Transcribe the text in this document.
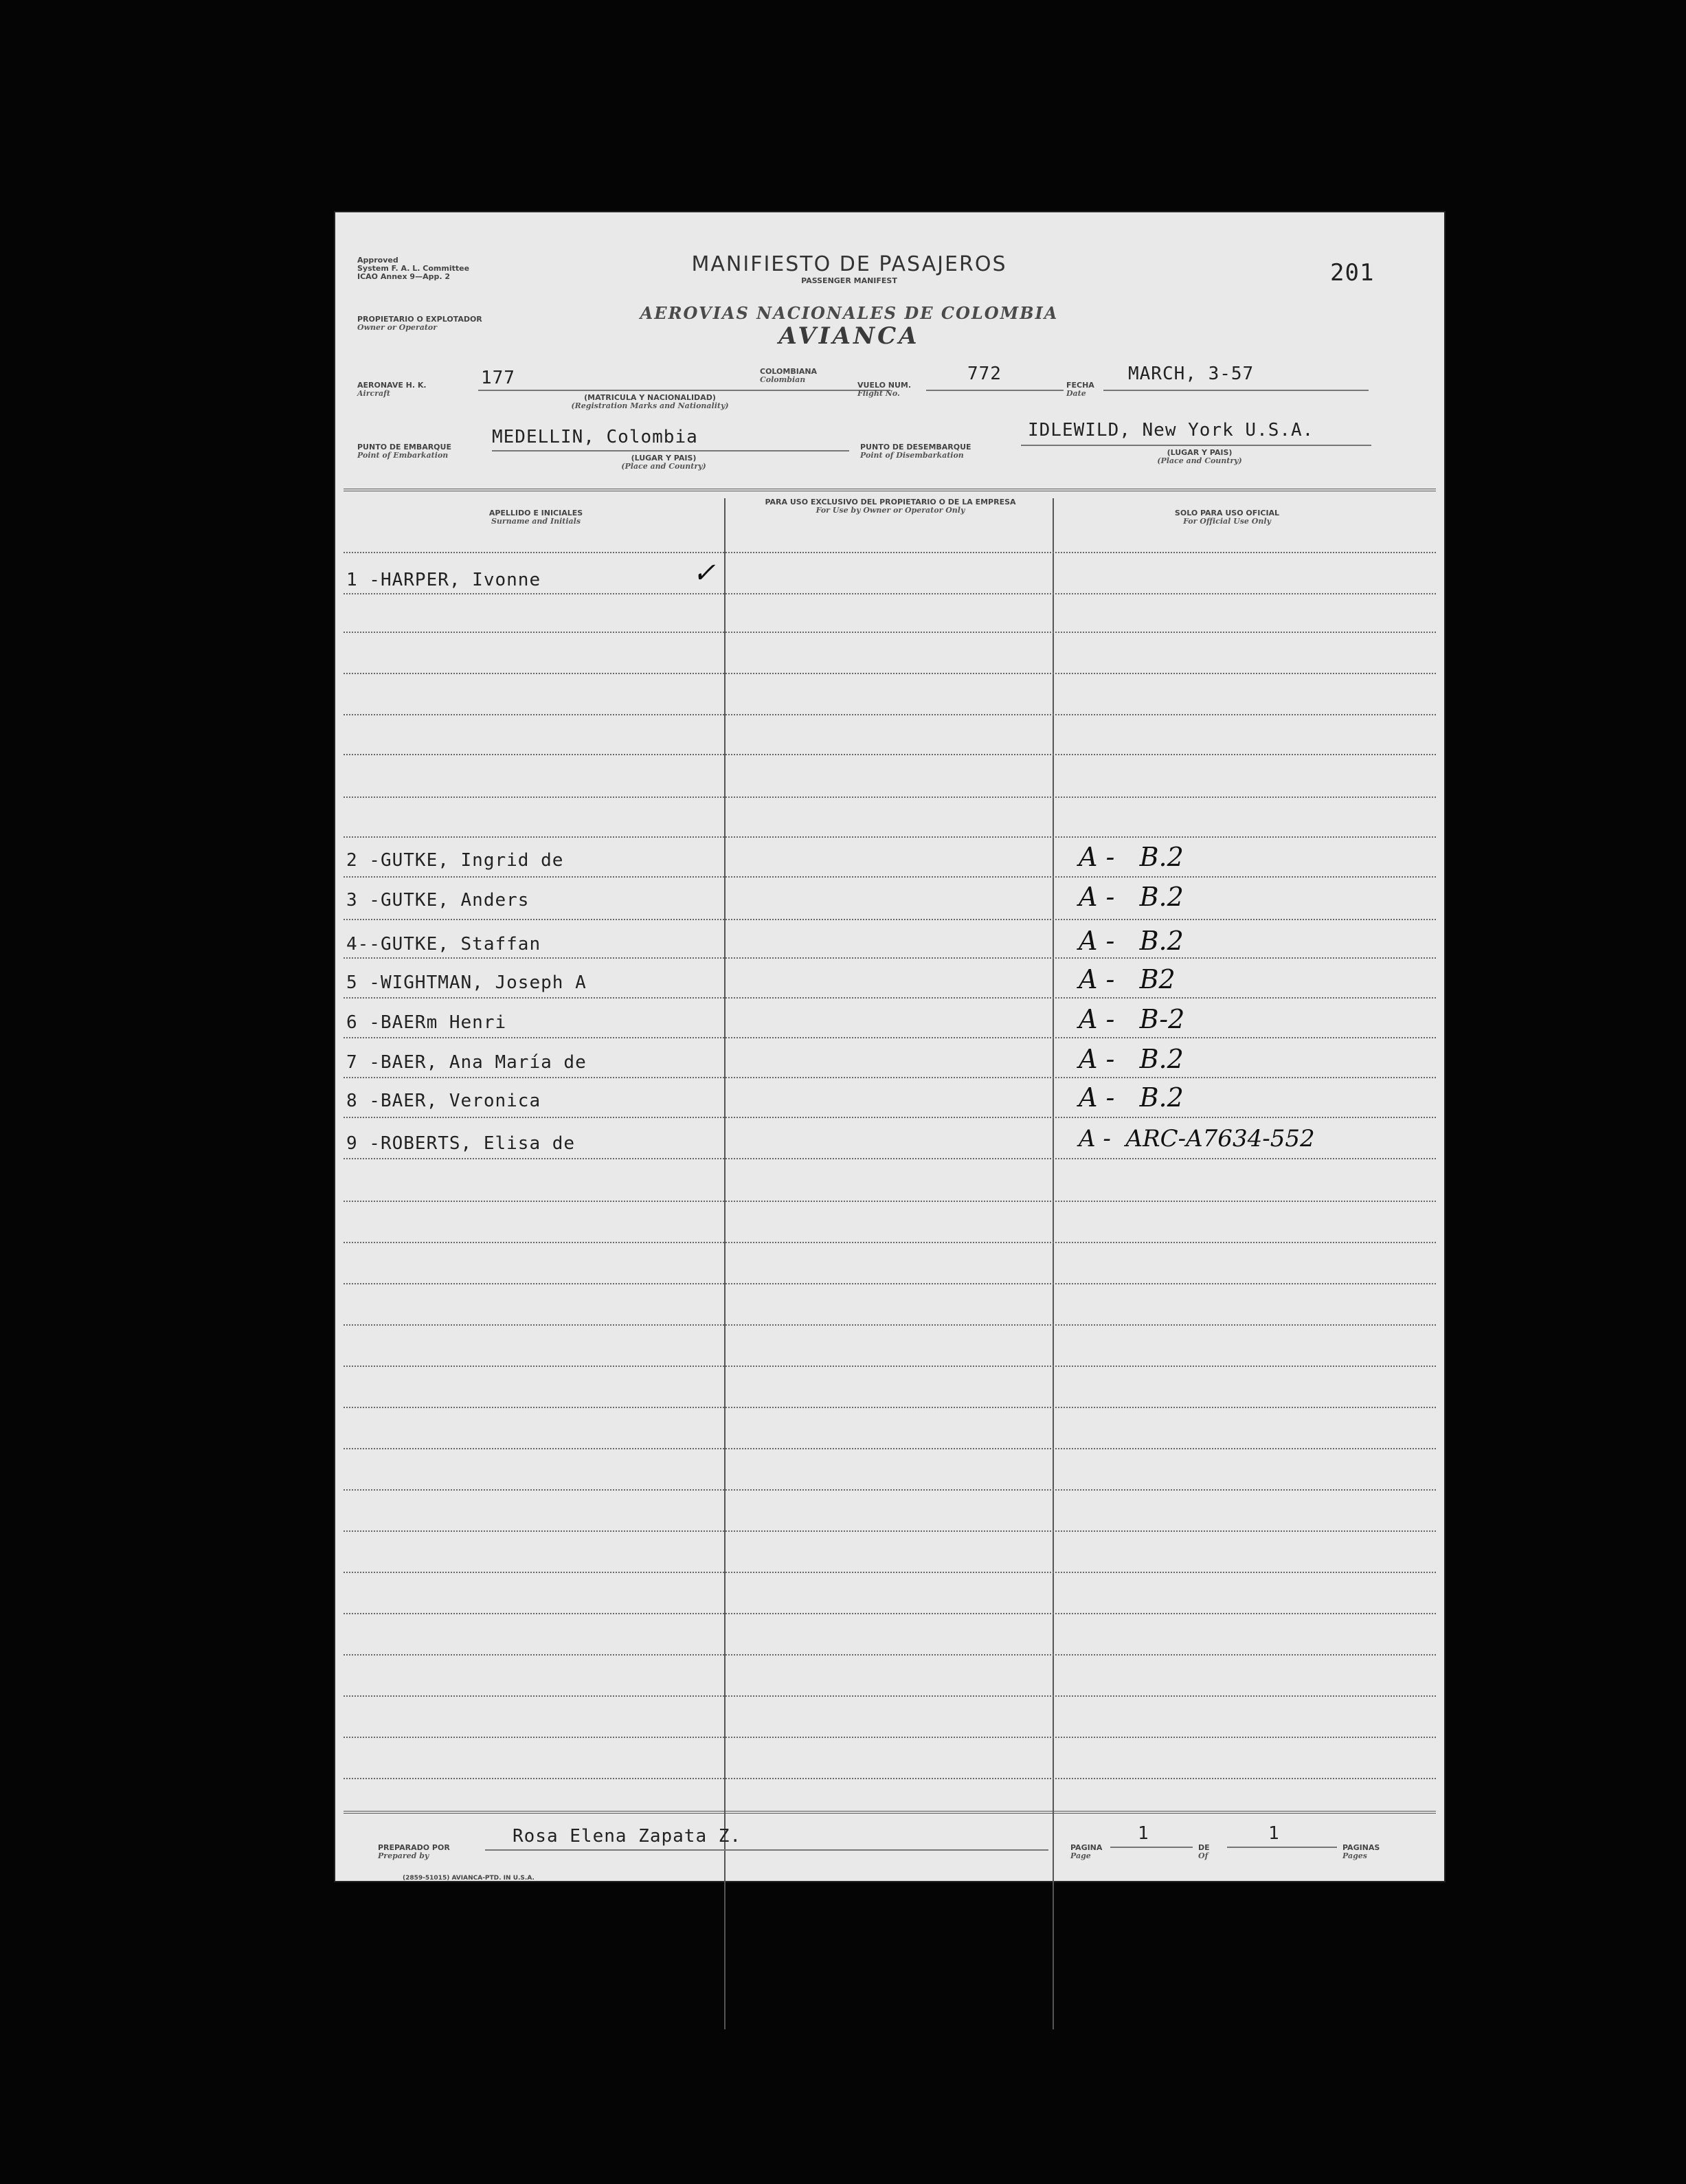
Approved
System F. A. L. Committee
ICAO Annex 9—App. 2
MANIFIESTO DE PASAJEROS
PASSENGER MANIFEST	201
PROPIETARIO O EXPLOTADOR
Owner or Operator
AEROVIAS NACIONALES DE COLOMBIA
AVIANCA
AERONAVE H. K.
Aircraft
177
(MATRICULA Y NACIONALIDAD)
(Registration Marks and Nationality)
COLOMBIANA
Colombian
VUELO NUM.
Flight No.
772
FECHA
Date
MARCH, 3-57
PUNTO DE EMBARQUE
Point of Embarkation
MEDELLIN, Colombia
(LUGAR Y PAIS)
(Place and Country)
PUNTO DE DESEMBARQUE
Point of Disembarkation
IDLEWILD, New York U.S.A.
(LUGAR Y PAIS)
(Place and Country)
APELLIDO E INICIALES
Surname and Initials
PARA USO EXCLUSIVO DEL PROPIETARIO O DE LA EMPRESA
For Use by Owner or Operator Only	SOLO PARA USO OFICIAL
For Official Use Only
✓
1 -HARPER, Ivonne
2 -GUTKE, Ingrid de	A -   B.2
3 -GUTKE, Anders	A -   B.2
4--GUTKE, Staffan	A -   B.2
5 -WIGHTMAN, Joseph A	A -   B2
6 -BAERm Henri	A -   B-2
7 -BAER, Ana María de	A -   B.2
8 -BAER, Veronica	A -   B.2
9 -ROBERTS, Elisa de	A -  ARC-A7634-552
PREPARADO POR
Prepared by
Rosa Elena Zapata Z.
PAGINA
Page
1
DE
Of
1
PAGINAS
Pages
(2859-51015) AVIANCA-PTD. IN U.S.A.
